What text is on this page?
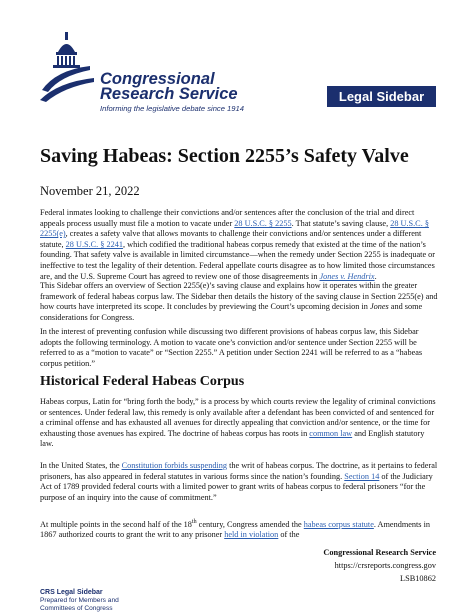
Congressional
Research Service
Informing the legislative debate since 1914
Legal Sidebar
Saving Habeas: Section 2255’s Safety Valve
November 21, 2022

Federal inmates looking to challenge their convictions and/or sentences after the conclusion of the trial and direct appeals process usually must file a motion to vacate under 28 U.S.C. § 2255. That statute’s saving clause, 28 U.S.C. § 2255(e), creates a safety valve that allows movants to challenge their convictions and/or sentences under a different statute, 28 U.S.C. § 2241, which codified the traditional habeas corpus remedy that existed at the time of the nation’s founding. That safety valve is available in limited circumstance—when the remedy under Section 2255 is inadequate or ineffective to test the legality of their detention. Federal appellate courts disagree as to how limited those circumstances are, and the U.S. Supreme Court has agreed to review one of those disagreements in Jones v. Hendrix.

This Sidebar offers an overview of Section 2255(e)’s saving clause and explains how it operates within the greater framework of federal habeas corpus law. The Sidebar then details the history of the saving clause in Section 2255(e) and how courts have interpreted its scope. It concludes by previewing the Court’s upcoming decision in Jones and some considerations for Congress.

In the interest of preventing confusion while discussing two different provisions of habeas corpus law, this Sidebar adopts the following terminology. A motion to vacate one’s conviction and/or sentence under Section 2255 will be referred to as a “motion to vacate” or “Section 2255.” A petition under Section 2241 will be referred to as a “habeas corpus petition.”

Historical Federal Habeas Corpus

Habeas corpus, Latin for “bring forth the body,” is a process by which courts review the legality of criminal convictions or sentences. Under federal law, this remedy is only available after a defendant has been convicted of and sentenced for a criminal offense and has exhausted all avenues for directly appealing that conviction and/or sentence, or the time for exhausting those avenues has expired. The doctrine of habeas corpus has roots in common law and English statutory law.

In the United States, the Constitution forbids suspending the writ of habeas corpus. The doctrine, as it pertains to federal prisoners, has also appeared in federal statutes in various forms since the nation’s founding. Section 14 of the Judiciary Act of 1789 provided federal courts with a limited power to grant writs of habeas corpus to federal prisoners “for the purpose of an inquiry into the cause of commitment.”

At multiple points in the second half of the 18th century, Congress amended the habeas corpus statute. Amendments in 1867 authorized courts to grant the writ to any prisoner held in violation of the

Congressional Research Service
https://crsreports.congress.gov
LSB10862
CRS Legal Sidebar
Prepared for Members and
Committees of Congress
